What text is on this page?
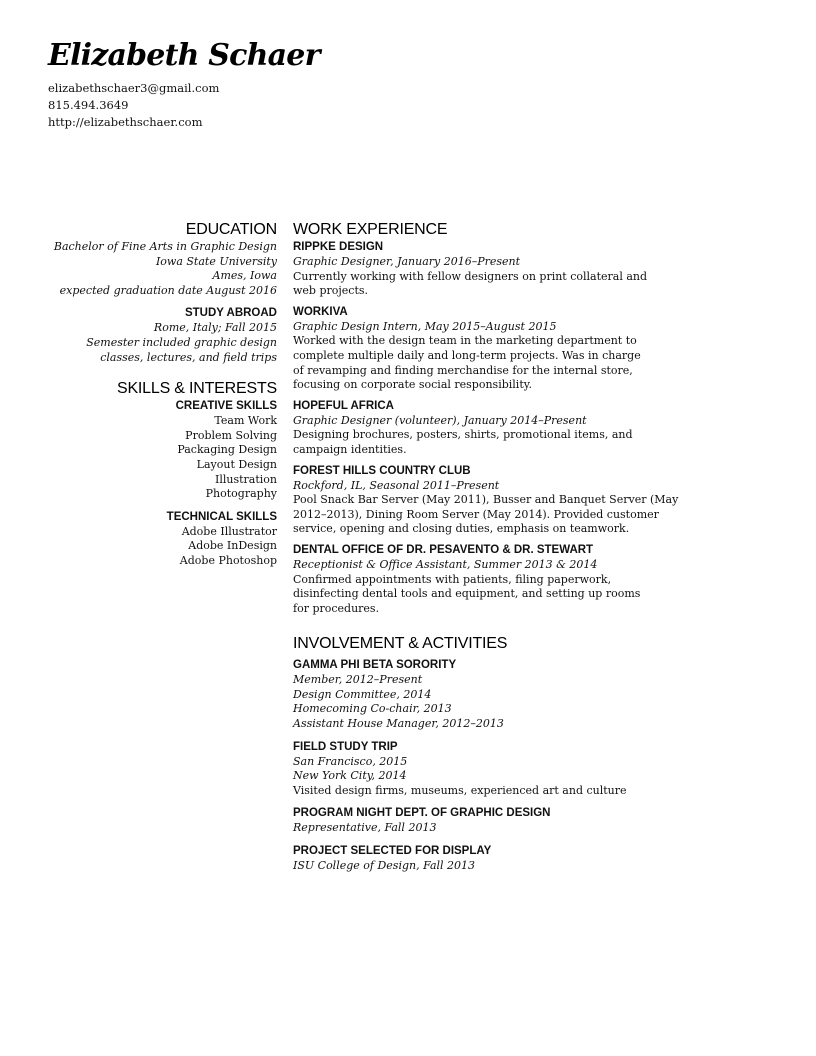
Elizabeth Schaer
elizabethschaer3@gmail.com
815.494.3649
http://elizabethschaer.com
EDUCATION
Bachelor of Fine Arts in Graphic Design
Iowa State University
Ames, Iowa
expected graduation date August 2016
STUDY ABROAD
Rome, Italy; Fall 2015
Semester included graphic design
classes, lectures, and field trips
SKILLS & INTERESTS
CREATIVE SKILLS
Team Work
Problem Solving
Packaging Design
Layout Design
Illustration
Photography
TECHNICAL SKILLS
Adobe Illustrator
Adobe InDesign
Adobe Photoshop
WORK EXPERIENCE
RIPPKE DESIGN
Graphic Designer, January 2016–Present
Currently working with fellow designers on print collateral and
web projects.
WORKIVA
Graphic Design Intern, May 2015–August 2015
Worked with the design team in the marketing department to
complete multiple daily and long-term projects. Was in charge
of revamping and finding merchandise for the internal store,
focusing on corporate social responsibility.
HOPEFUL AFRICA
Graphic Designer (volunteer), January 2014–Present
Designing brochures, posters, shirts, promotional items, and
campaign identities.
FOREST HILLS COUNTRY CLUB
Rockford, IL, Seasonal 2011–Present
Pool Snack Bar Server (May 2011), Busser and Banquet Server (May
2012–2013), Dining Room Server (May 2014). Provided customer
service, opening and closing duties, emphasis on teamwork.
DENTAL OFFICE OF DR. PESAVENTO & DR. STEWART
Receptionist & Office Assistant, Summer 2013 & 2014
Confirmed appointments with patients, filing paperwork,
disinfecting dental tools and equipment, and setting up rooms
for procedures.
INVOLVEMENT & ACTIVITIES
GAMMA PHI BETA SORORITY
Member, 2012–Present
Design Committee, 2014
Homecoming Co-chair, 2013
Assistant House Manager, 2012–2013
FIELD STUDY TRIP
San Francisco, 2015
New York City, 2014
Visited design firms, museums, experienced art and culture
PROGRAM NIGHT DEPT. OF GRAPHIC DESIGN
Representative, Fall 2013
PROJECT SELECTED FOR DISPLAY
ISU College of Design, Fall 2013
